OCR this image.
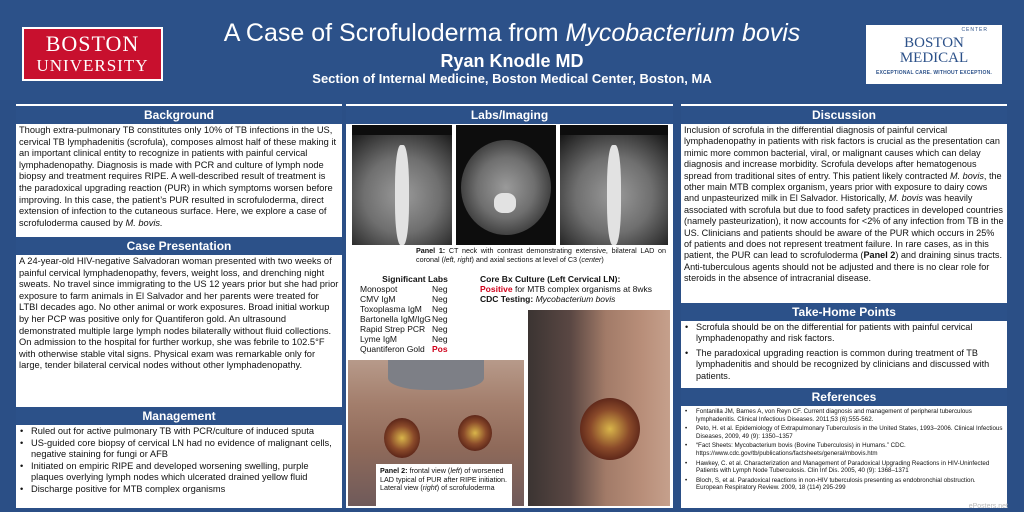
BOSTON
UNIVERSITY
A Case of Scrofuloderma from Mycobacterium bovis
Ryan Knodle MD
Section of Internal Medicine, Boston Medical Center, Boston, MA
CENTER
BOSTON
MEDICAL
EXCEPTIONAL CARE. WITHOUT EXCEPTION.
Background
Though extra-pulmonary TB constitutes only 10% of TB infections in the US, cervical TB lymphadenitis (scrofula), composes almost half of these making it an important clinical entity to recognize in patients with painful cervical lymphadenopathy. Diagnosis is made with PCR and culture of lymph node biopsy and treatment requires RIPE. A well-described result of treatment is the paradoxical upgrading reaction (PUR) in which symptoms worsen before improving. In this case, the patient’s PUR resulted in scrofuloderma, direct extension of infection to the cutaneous surface. Here, we explore a case of scrofuloderma caused by M. bovis.
Case Presentation
A 24-year-old HIV-negative Salvadoran woman presented with two weeks of painful cervical lymphadenopathy, fevers, weight loss, and drenching night sweats. No travel since immigrating to the US 12 years prior but she had prior exposure to farm animals in El Salvador and her parents were treated for LTBI decades ago. No other animal or work exposures. Broad initial workup by her PCP was positive only for Quantiferon gold. An ultrasound demonstrated multiple large lymph nodes bilaterally without fluid collections. On admission to the hospital for further workup, she was febrile to 102.5°F with otherwise stable vital signs. Physical exam was remarkable only for large, tender bilateral cervical nodes without other lymphadenopathy.
Management
• Ruled out for active pulmonary TB with PCR/culture of induced sputa
• US-guided core biopsy of cervical LN had no evidence of malignant cells, negative staining for fungi or AFB
• Initiated on empiric RIPE and developed worsening swelling, purple plaques overlying lymph nodes which ulcerated drained yellow fluid
• Discharge positive for MTB complex organisms
Labs/Imaging
Panel 1: CT neck with contrast demonstrating extensive, bilateral LAD on coronal (left, right) and axial sections at level of C3 (center)
Significant Labs
Monospot	Neg
CMV IgM	Neg
Toxoplasma IgM Neg
Bartonella IgM/IgGNeg
Rapid Strep PCR Neg
Lyme IgM	Neg
Quantiferon Gold Pos
Core Bx Culture (Left Cervical LN):
Positive for MTB complex organisms at 8wks
CDC Testing: Mycobacterium bovis
Panel 2: frontal view (left) of worsened LAD typical of PUR after RIPE initiation. Lateral view (right) of scrofuloderma
Discussion
Inclusion of scrofula in the differential diagnosis of painful cervical lymphadenopathy in patients with risk factors is crucial as the presentation can mimic more common bacterial, viral, or malignant causes which can delay diagnosis and increase morbidity. Scrofula develops after hematogenous spread from traditional sites of entry. This patient likely contracted M. bovis, the other main MTB complex organism, years prior with exposure to dairy cows and unpasteurized milk in El Salvador. Historically, M. bovis was heavily associated with scrofula but due to food safety practices in developed countries (namely pasteurization), it now accounts for <2% of any infection from TB in the US. Clinicians and patients should be aware of the PUR which occurs in 25% of patients and does not represent treatment failure. In rare cases, as in this patient, the PUR can lead to scrofuloderma (Panel 2) and draining sinus tracts. Anti-tuberculous agents should not be adjusted and there is no clear role for steroids in the absence of intracranial disease.
Take-Home Points
• Scrofula should be on the differential for patients with painful cervical lymphadenopathy and risk factors.
• The paradoxical upgrading reaction is common during treatment of TB lymphadenitis and should be recognized by clinicians and discussed with patients.
References
• Fontanilla JM, Barnes A, von Reyn CF. Current diagnosis and management of peripheral tuberculous lymphadenitis. Clinical Infectious Diseases. 2011;53 (6):555-562.
• Peto, H. et al. Epidemiology of Extrapulmonary Tuberculosis in the United States, 1993–2006. Clinical Infectious Diseases, 2009, 49 (9): 1350–1357
• “Fact Sheets: Mycobacterium bovis (Bovine Tuberculosis) in Humans.” CDC. https://www.cdc.gov/tb/publications/factsheets/general/mbovis.htm
• Hawkey, C. et al. Characterization and Management of Paradoxical Upgrading Reactions in HIV-Uninfected Patients with Lymph Node Tuberculosis. Clin Inf Dis. 2005, 40 (9): 1368–1371
• Bloch, S, et al. Paradoxical reactions in non-HIV tuberculosis presenting as endobronchial obstruction. European Respiratory Review. 2009, 18 (114) 295-299
ePosters.net
